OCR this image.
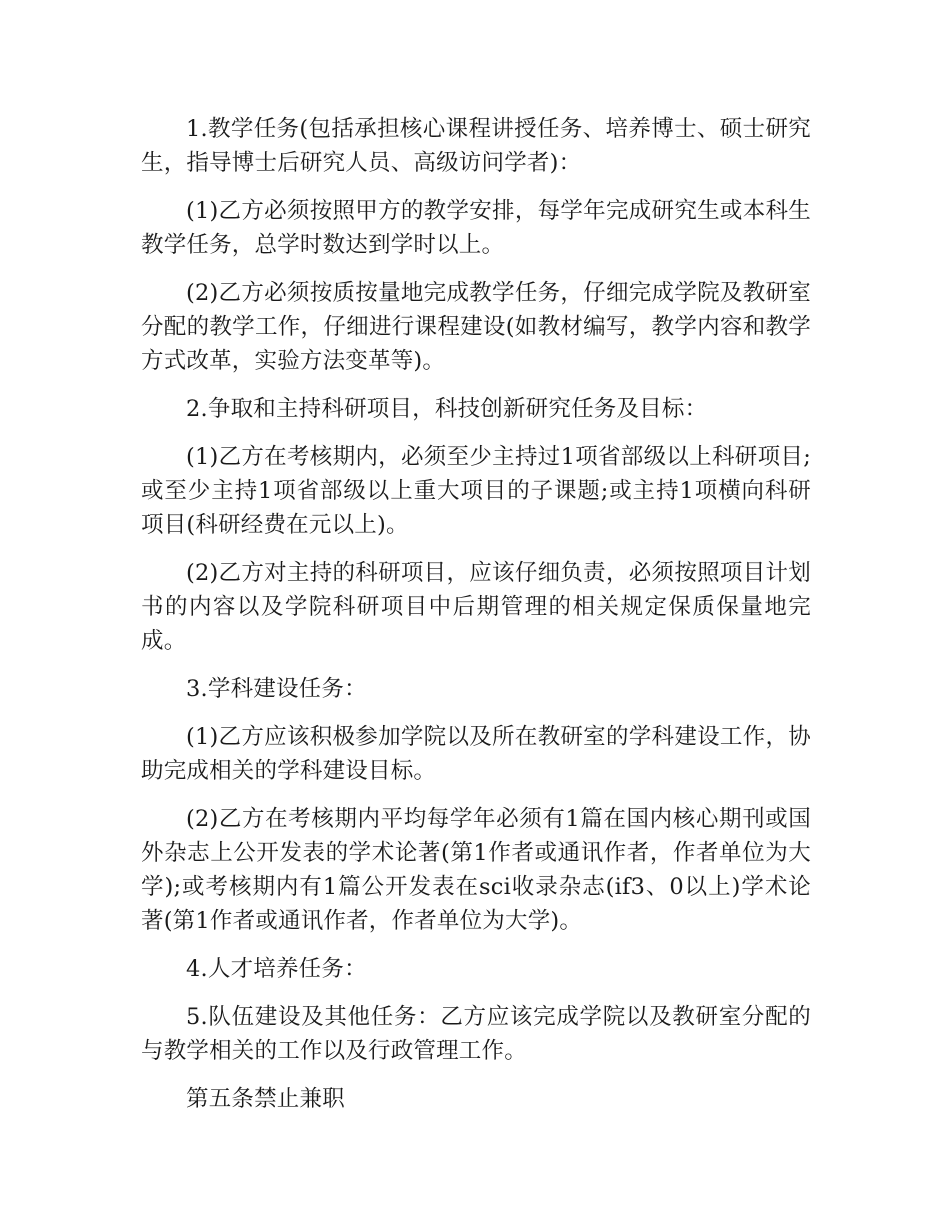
1.教学任务(包括承担核心课程讲授任务、培养博士、硕士研究生，指导博士后研究人员、高级访问学者)：

(1)乙方必须按照甲方的教学安排，每学年完成研究生或本科生教学任务，总学时数达到学时以上。

(2)乙方必须按质按量地完成教学任务，仔细完成学院及教研室分配的教学工作，仔细进行课程建设(如教材编写，教学内容和教学方式改革，实验方法变革等)。

2.争取和主持科研项目，科技创新研究任务及目标：

(1)乙方在考核期内，必须至少主持过1项省部级以上科研项目;或至少主持1项省部级以上重大项目的子课题;或主持1项横向科研项目(科研经费在元以上)。

(2)乙方对主持的科研项目，应该仔细负责，必须按照项目计划书的内容以及学院科研项目中后期管理的相关规定保质保量地完成。

3.学科建设任务：

(1)乙方应该积极参加学院以及所在教研室的学科建设工作，协助完成相关的学科建设目标。

(2)乙方在考核期内平均每学年必须有1篇在国内核心期刊或国外杂志上公开发表的学术论著(第1作者或通讯作者，作者单位为大学);或考核期内有1篇公开发表在sci收录杂志(if3、0以上)学术论著(第1作者或通讯作者，作者单位为大学)。

4.人才培养任务：

5.队伍建设及其他任务：乙方应该完成学院以及教研室分配的与教学相关的工作以及行政管理工作。

第五条禁止兼职
